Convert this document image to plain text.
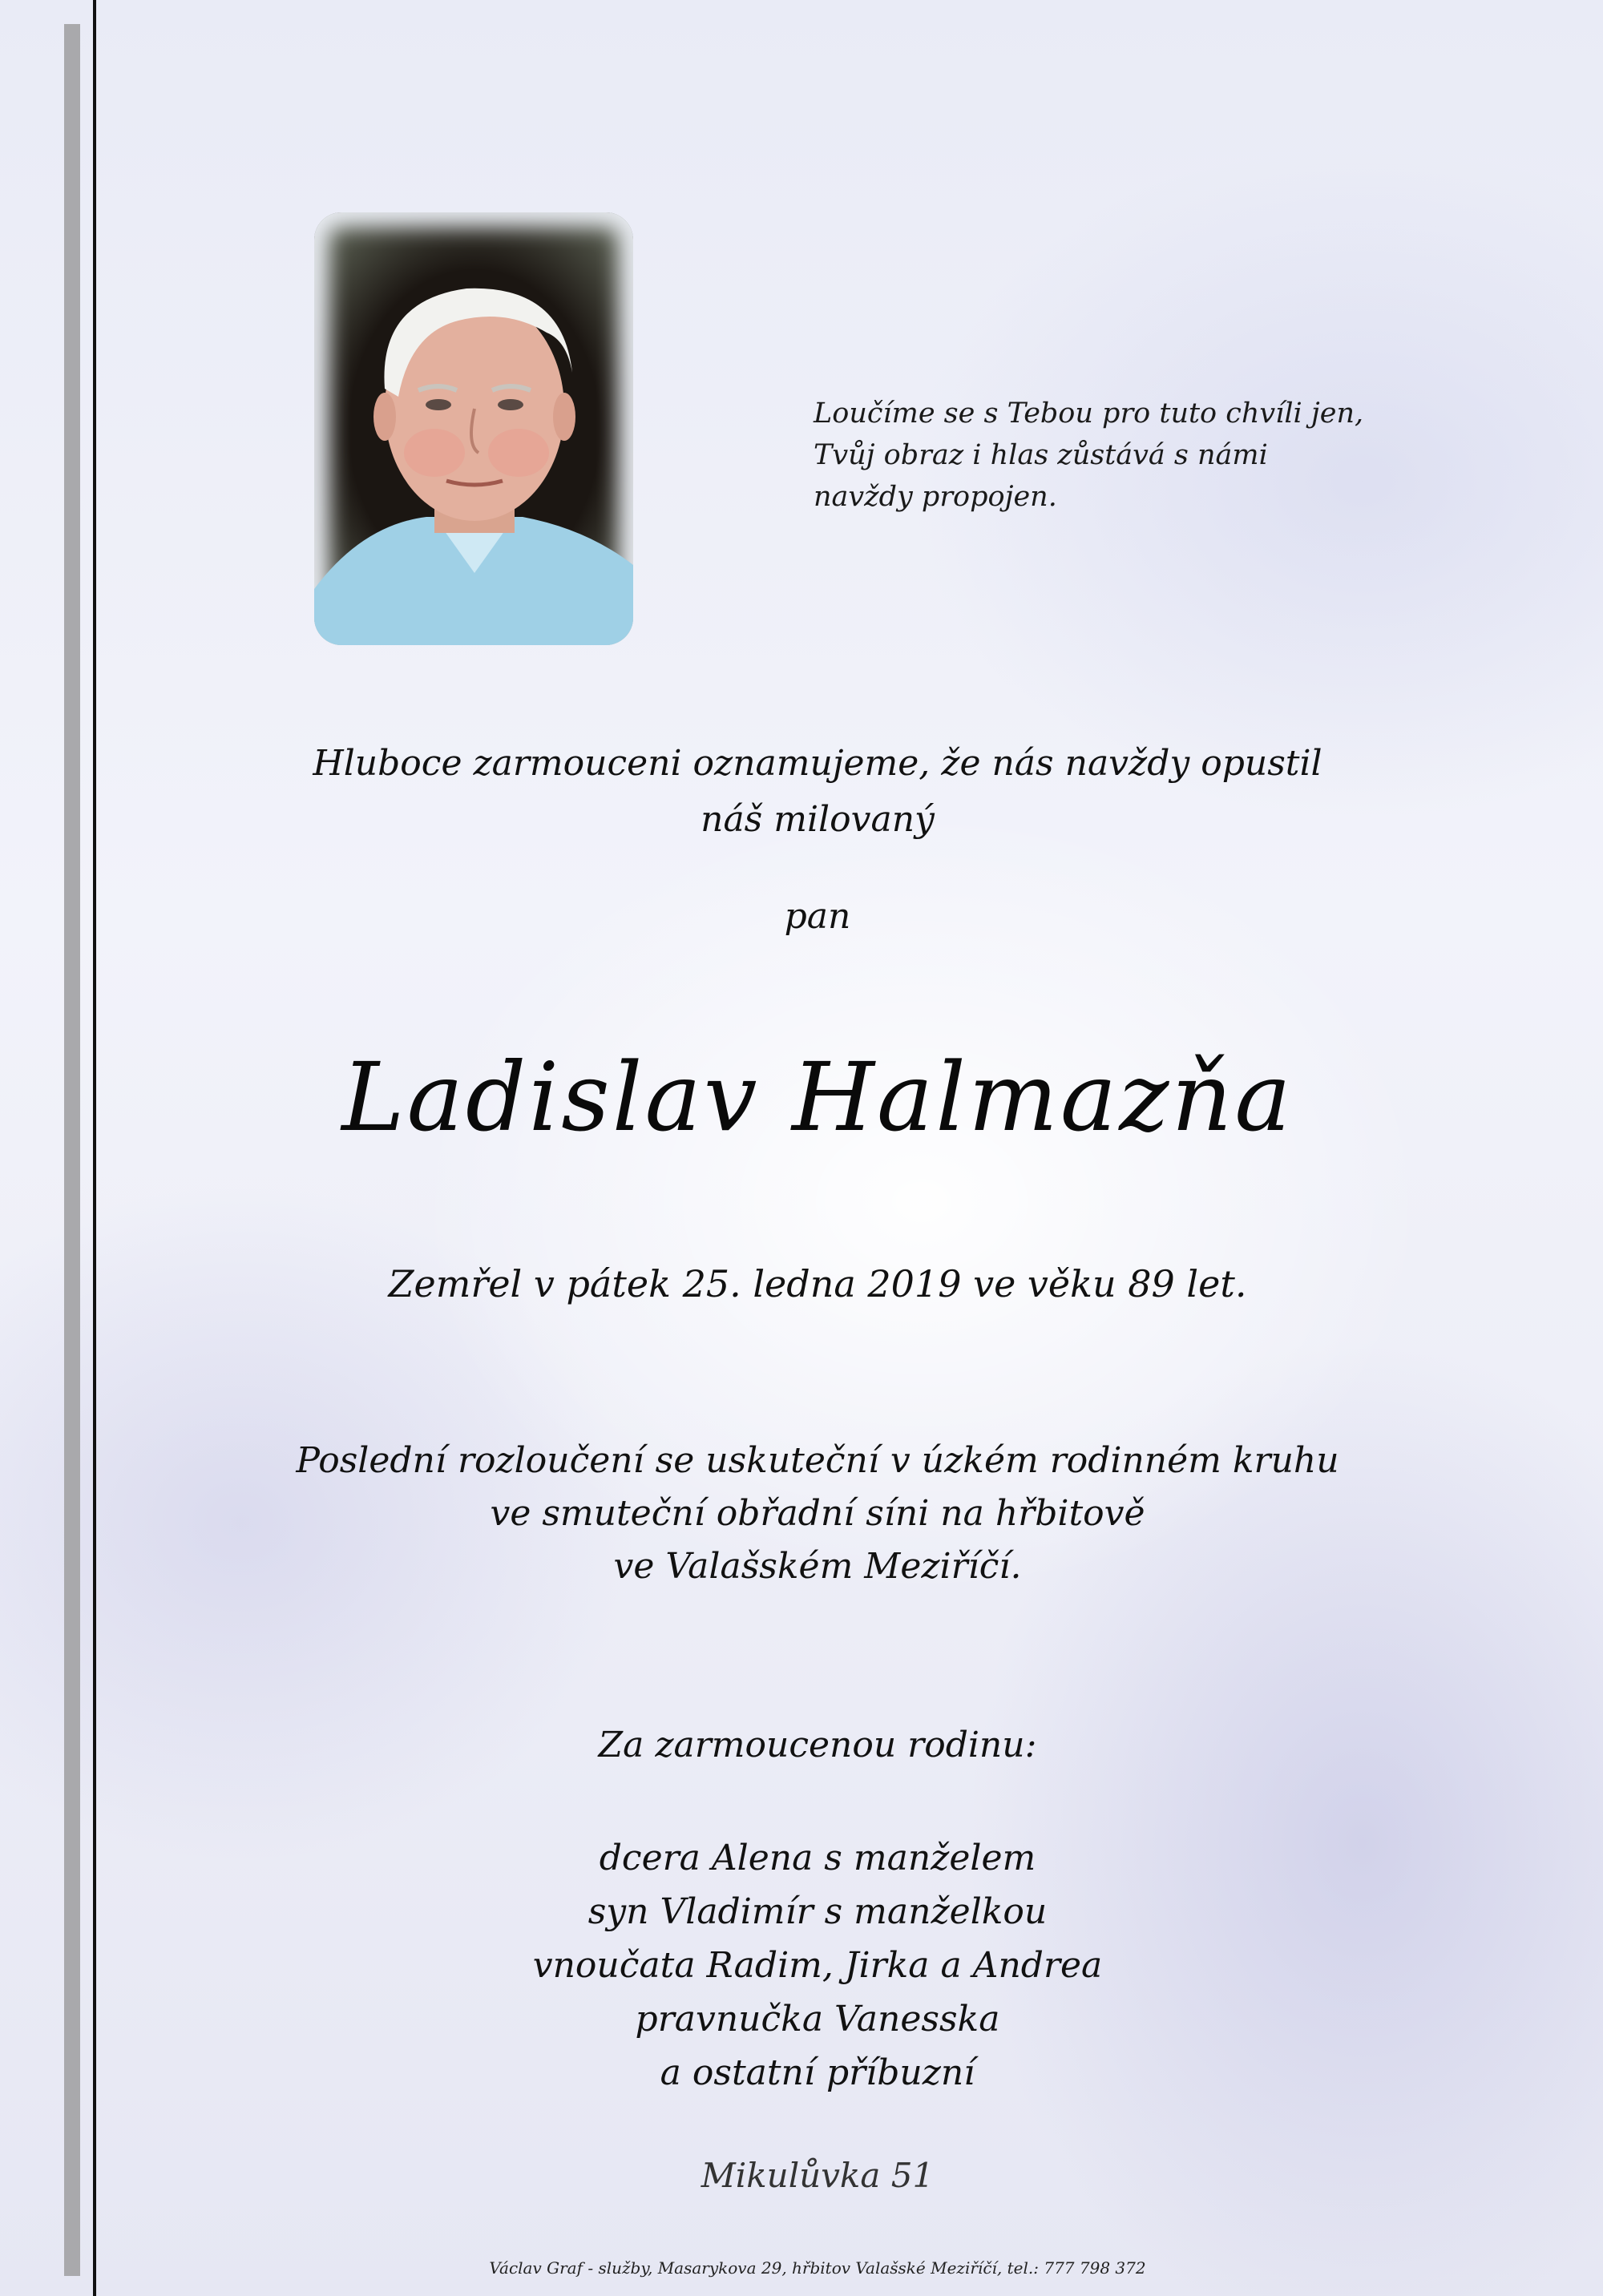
Loučíme se s Tebou pro tuto chvíli jen,
Tvůj obraz i hlas zůstává s námi
navždy propojen.
Hluboce zarmouceni oznamujeme, že nás navždy opustil
náš milovaný
pan
Ladislav Halmazňa
Zemřel v pátek 25. ledna 2019 ve věku 89 let.
Poslední rozloučení se uskuteční v úzkém rodinném kruhu
ve smuteční obřadní síni na hřbitově
ve Valašském Meziříčí.
Za zarmoucenou rodinu:
dcera Alena s manželem
syn Vladimír s manželkou
vnoučata Radim, Jirka a Andrea
pravnučka Vanesska
a ostatní příbuzní
Mikulůvka 51
Václav Graf - služby, Masarykova 29, hřbitov Valašské Meziříčí, tel.: 777 798 372
